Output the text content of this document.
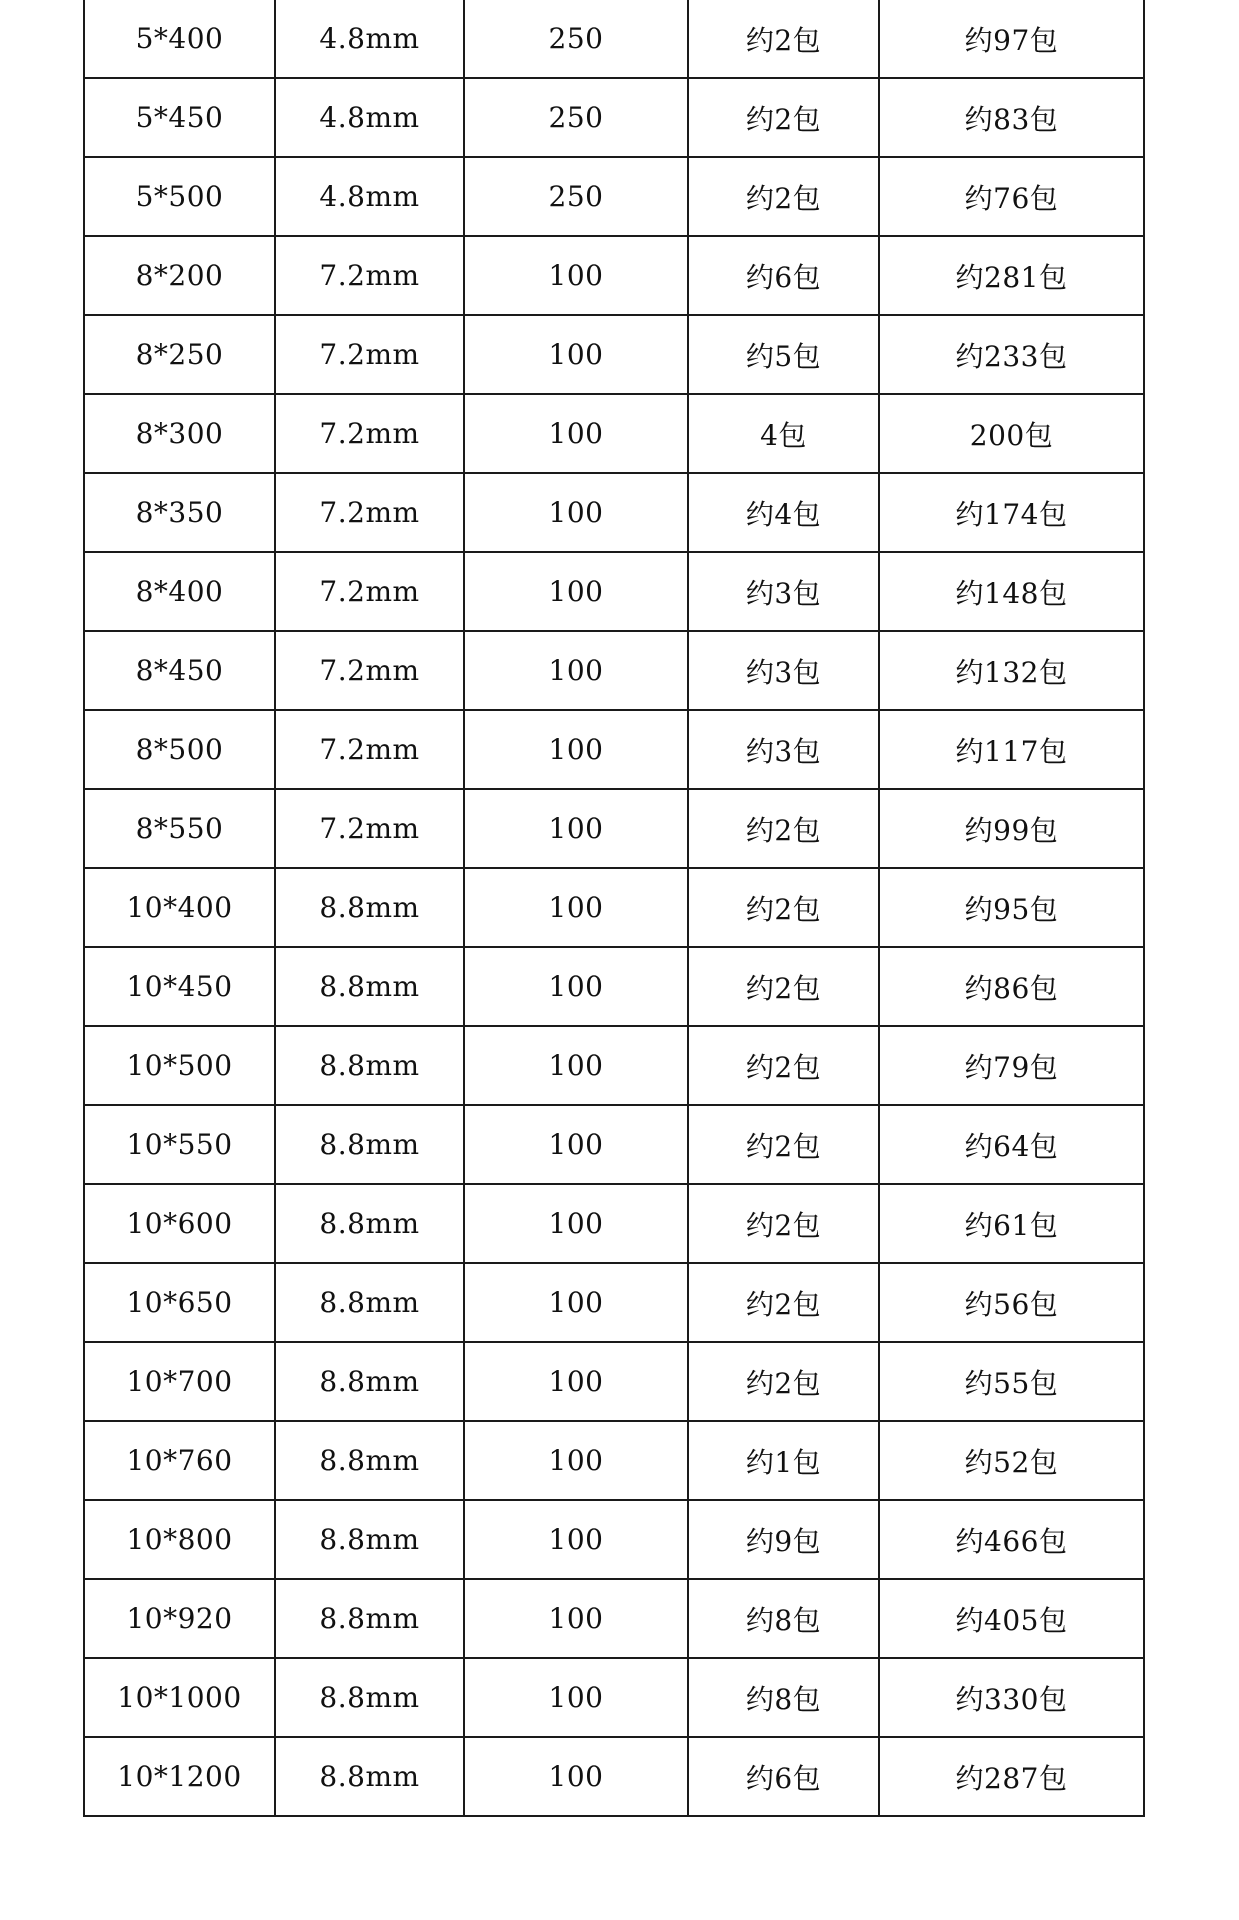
5*400	4.8mm	250	约2包	约97包
5*450	4.8mm	250	约2包	约83包
5*500	4.8mm	250	约2包	约76包
8*200	7.2mm	100	约6包	约281包
8*250	7.2mm	100	约5包	约233包
8*300	7.2mm	100	4包	200包
8*350	7.2mm	100	约4包	约174包
8*400	7.2mm	100	约3包	约148包
8*450	7.2mm	100	约3包	约132包
8*500	7.2mm	100	约3包	约117包
8*550	7.2mm	100	约2包	约99包
10*400	8.8mm	100	约2包	约95包
10*450	8.8mm	100	约2包	约86包
10*500	8.8mm	100	约2包	约79包
10*550	8.8mm	100	约2包	约64包
10*600	8.8mm	100	约2包	约61包
10*650	8.8mm	100	约2包	约56包
10*700	8.8mm	100	约2包	约55包
10*760	8.8mm	100	约1包	约52包
10*800	8.8mm	100	约9包	约466包
10*920	8.8mm	100	约8包	约405包
10*1000	8.8mm	100	约8包	约330包
10*1200	8.8mm	100	约6包	约287包
